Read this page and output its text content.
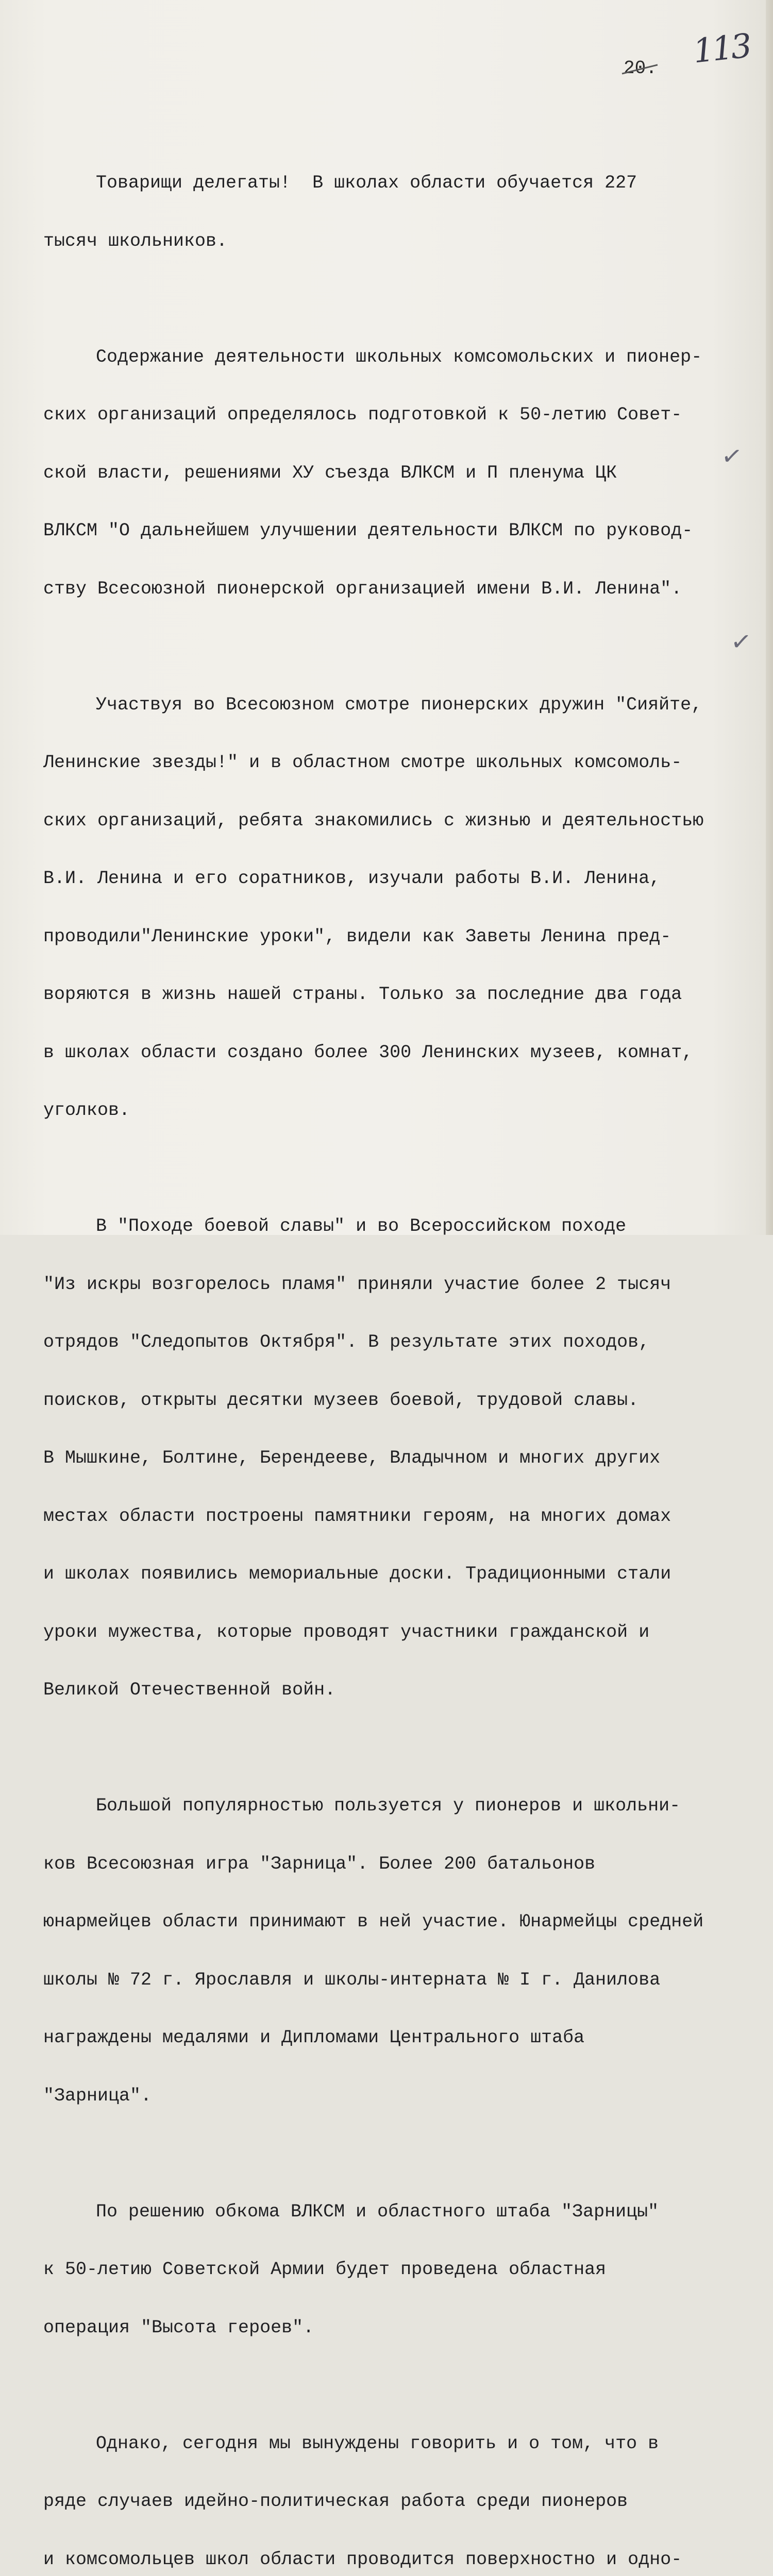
113
20.

Товарищи делегаты!  В школах области обучается 227

тысяч школьников.

Содержание деятельности школьных комсомольских и пионер-

ских организаций определялось подготовкой к 50-летию Совет-

ской власти, решениями ХУ съезда ВЛКСМ и П пленума ЦК

ВЛКСМ "О дальнейшем улучшении деятельности ВЛКСМ по руковод-

ству Всесоюзной пионерской организацией имени В.И. Ленина".

Участвуя во Всесоюзном смотре пионерских дружин "Сияйте,

Ленинские звезды!" и в областном смотре школьных комсомоль-

ских организаций, ребята знакомились с жизнью и деятельностью

В.И. Ленина и его соратников, изучали работы В.И. Ленина,

проводили"Ленинские уроки", видели как Заветы Ленина пред-

воряются в жизнь нашей страны. Только за последние два года

в школах области создано более 300 Ленинских музеев, комнат,

уголков.

В "Походе боевой славы" и во Всероссийском походе

"Из искры возгорелось пламя" приняли участие более 2 тысяч

отрядов "Следопытов Октября". В результате этих походов,

поисков, открыты десятки музеев боевой, трудовой славы.

В Мышкине, Болтине, Берендееве, Владычном и многих других

местах области построены памятники героям, на многих домах

и школах появились мемориальные доски. Традиционными стали

уроки мужества, которые проводят участники гражданской и

Великой Отечественной войн.

Большой популярностью пользуется у пионеров и школьни-

ков Всесоюзная игра "Зарница". Более 200 батальонов

юнармейцев области принимают в ней участие. Юнармейцы средней

школы № 72 г. Ярославля и школы-интерната № I г. Данилова

награждены медалями и Дипломами Центрального штаба

"Зарница".

По решению обкома ВЛКСМ и областного штаба "Зарницы"

к 50-летию Советской Армии будет проведена областная

операция "Высота героев".

Однако, сегодня мы вынуждены говорить и о том, что в

ряде случаев идейно-политическая работа среди пионеров

и комсомольцев школ области проводится поверхностно и одно-

✓
✓
